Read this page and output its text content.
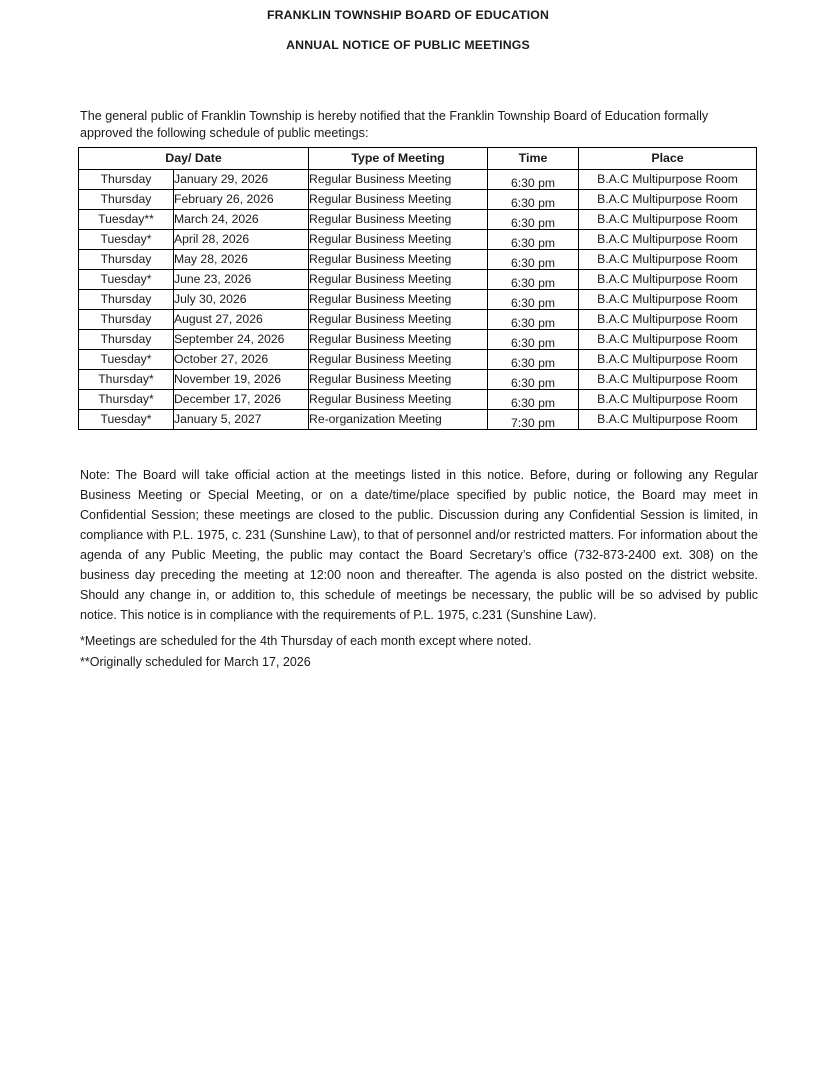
FRANKLIN TOWNSHIP BOARD OF EDUCATION
ANNUAL NOTICE OF PUBLIC MEETINGS

The general public of Franklin Township is hereby notified that the Franklin Township Board of Education formally approved the following schedule of public meetings:

Day/ Date		Type of Meeting	Time	Place
Thursday	January 29, 2026	Regular Business Meeting	6:30 pm	B.A.C Multipurpose Room
Thursday	February 26, 2026	Regular Business Meeting	6:30 pm	B.A.C Multipurpose Room
Tuesday**	March 24, 2026	Regular Business Meeting	6:30 pm	B.A.C Multipurpose Room
Tuesday*	April 28, 2026	Regular Business Meeting	6:30 pm	B.A.C Multipurpose Room
Thursday	May 28, 2026	Regular Business Meeting	6:30 pm	B.A.C Multipurpose Room
Tuesday*	June 23, 2026	Regular Business Meeting	6:30 pm	B.A.C Multipurpose Room
Thursday	July 30, 2026	Regular Business Meeting	6:30 pm	B.A.C Multipurpose Room
Thursday	August 27, 2026	Regular Business Meeting	6:30 pm	B.A.C Multipurpose Room
Thursday	September 24, 2026	Regular Business Meeting	6:30 pm	B.A.C Multipurpose Room
Tuesday*	October 27, 2026	Regular Business Meeting	6:30 pm	B.A.C Multipurpose Room
Thursday*	November 19, 2026	Regular Business Meeting	6:30 pm	B.A.C Multipurpose Room
Thursday*	December 17, 2026	Regular Business Meeting	6:30 pm	B.A.C Multipurpose Room
Tuesday*	January 5, 2027	Re-organization Meeting	7:30 pm	B.A.C Multipurpose Room

Note: The Board will take official action at the meetings listed in this notice. Before, during or following any Regular Business Meeting or Special Meeting, or on a date/time/place specified by public notice, the Board may meet in Confidential Session; these meetings are closed to the public. Discussion during any Confidential Session is limited, in compliance with P.L. 1975, c. 231 (Sunshine Law), to that of personnel and/or restricted matters. For information about the agenda of any Public Meeting, the public may contact the Board Secretary’s office (732-873-2400 ext. 308) on the business day preceding the meeting at 12:00 noon and thereafter. The agenda is also posted on the district website. Should any change in, or addition to, this schedule of meetings be necessary, the public will be so advised by public notice. This notice is in compliance with the requirements of P.L. 1975, c.231 (Sunshine Law).

*Meetings are scheduled for the 4th Thursday of each month except where noted.
**Originally scheduled for March 17, 2026
